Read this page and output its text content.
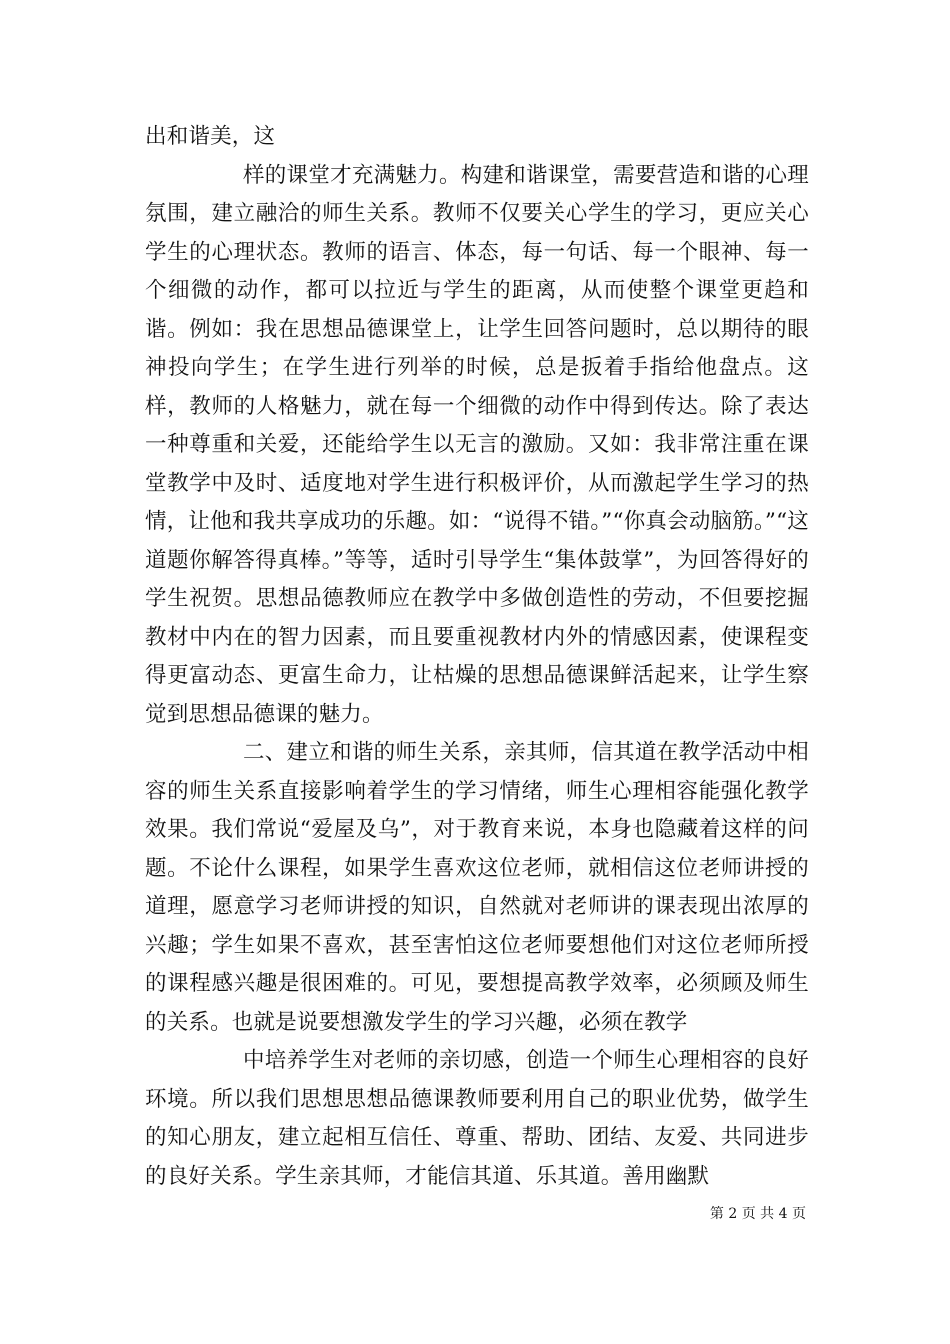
出和谐美，这

样的课堂才充满魅力。构建和谐课堂，需要营造和谐的心理氛围，建立融洽的师生关系。教师不仅要关心学生的学习，更应关心学生的心理状态。教师的语言、体态，每一句话、每一个眼神、每一个细微的动作，都可以拉近与学生的距离，从而使整个课堂更趋和谐。例如：我在思想品德课堂上，让学生回答问题时，总以期待的眼神投向学生；在学生进行列举的时候，总是扳着手指给他盘点。这样，教师的人格魅力，就在每一个细微的动作中得到传达。除了表达一种尊重和关爱，还能给学生以无言的激励。又如：我非常注重在课堂教学中及时、适度地对学生进行积极评价，从而激起学生学习的热情，让他和我共享成功的乐趣。如：“说得不错。”“你真会动脑筋。”“这道题你解答得真棒。”等等，适时引导学生“集体鼓掌”，为回答得好的学生祝贺。思想品德教师应在教学中多做创造性的劳动，不但要挖掘教材中内在的智力因素，而且要重视教材内外的情感因素，使课程变得更富动态、更富生命力，让枯燥的思想品德课鲜活起来，让学生察觉到思想品德课的魅力。

二、建立和谐的师生关系，亲其师，信其道在教学活动中相容的师生关系直接影响着学生的学习情绪，师生心理相容能强化教学效果。我们常说“爱屋及乌”，对于教育来说，本身也隐藏着这样的问题。不论什么课程，如果学生喜欢这位老师，就相信这位老师讲授的道理，愿意学习老师讲授的知识，自然就对老师讲的课表现出浓厚的兴趣；学生如果不喜欢，甚至害怕这位老师要想他们对这位老师所授的课程感兴趣是很困难的。可见，要想提高教学效率，必须顾及师生的关系。也就是说要想激发学生的学习兴趣，必须在教学

中培养学生对老师的亲切感，创造一个师生心理相容的良好环境。所以我们思想思想品德课教师要利用自己的职业优势，做学生的知心朋友，建立起相互信任、尊重、帮助、团结、友爱、共同进步的良好关系。学生亲其师，才能信其道、乐其道。善用幽默

第 2 页 共 4 页
